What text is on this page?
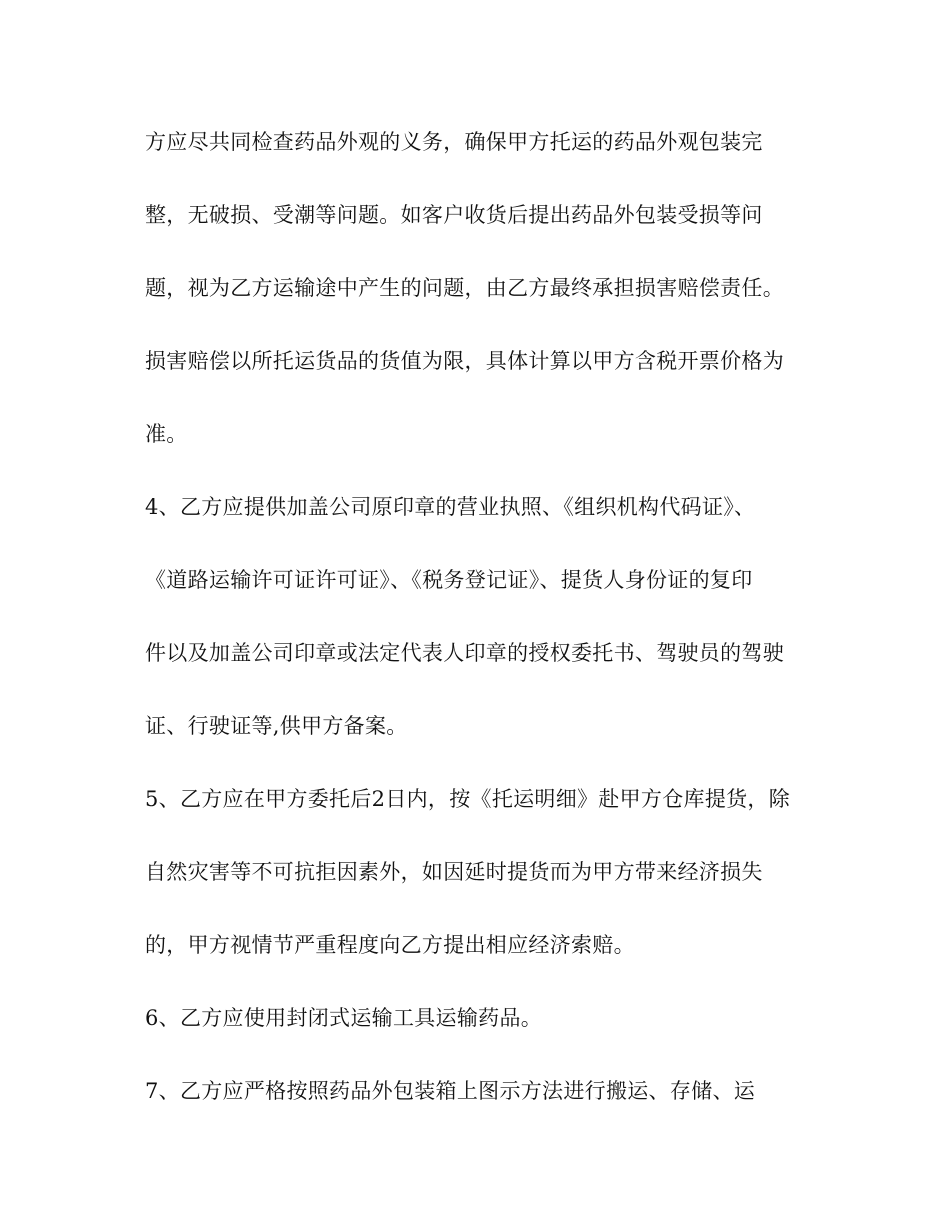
方应尽共同检查药品外观的义务，确保甲方托运的药品外观包装完
整，无破损、受潮等问题。如客户收货后提出药品外包装受损等问
题，视为乙方运输途中产生的问题，由乙方最终承担损害赔偿责任。
损害赔偿以所托运货品的货值为限，具体计算以甲方含税开票价格为
准。
4、乙方应提供加盖公司原印章的营业执照、《组织机构代码证》、
《道路运输许可证许可证》、《税务登记证》、提货人身份证的复印
件以及加盖公司印章或法定代表人印章的授权委托书、驾驶员的驾驶
证、行驶证等,供甲方备案。
5、乙方应在甲方委托后2日内，按《托运明细》赴甲方仓库提货，除
自然灾害等不可抗拒因素外，如因延时提货而为甲方带来经济损失
的，甲方视情节严重程度向乙方提出相应经济索赔。
6、乙方应使用封闭式运输工具运输药品。
7、乙方应严格按照药品外包装箱上图示方法进行搬运、存储、运
